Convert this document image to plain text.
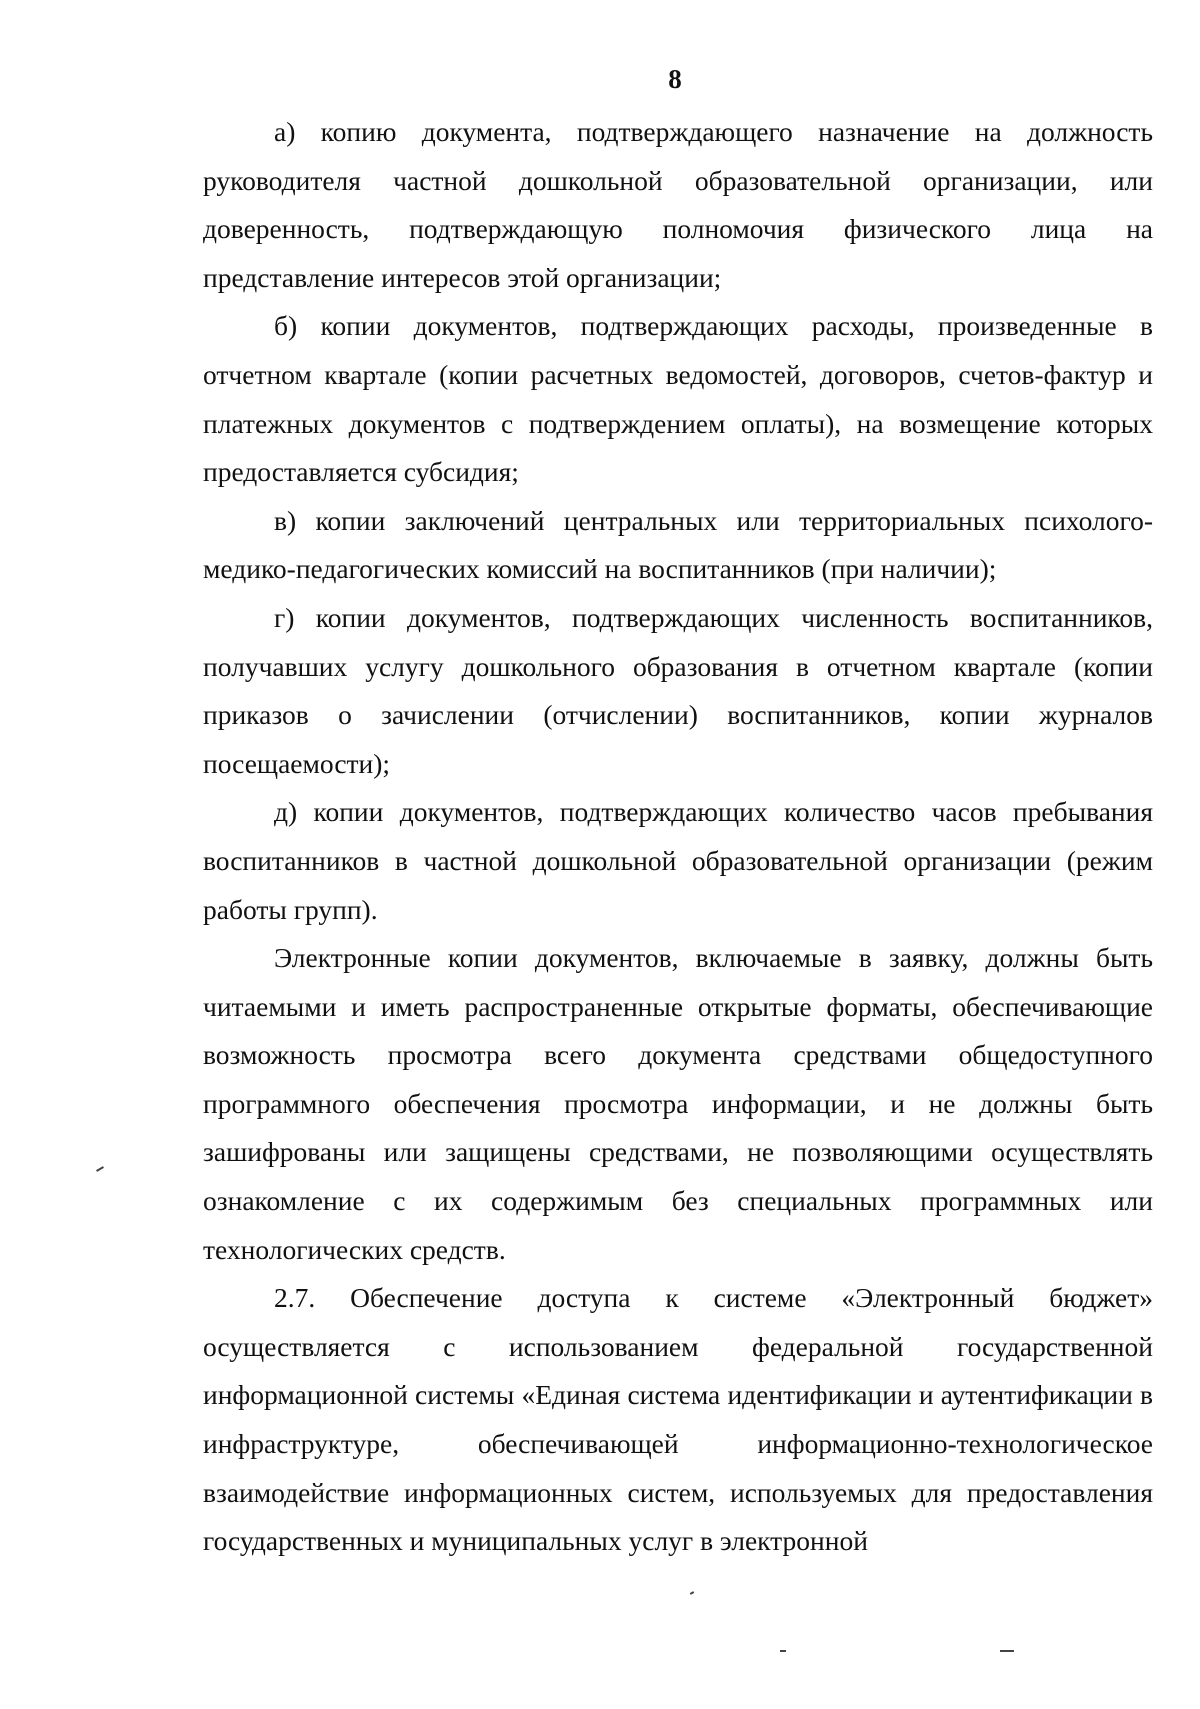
8

а) копию документа, подтверждающего назначение на должность руководителя частной дошкольной образовательной организации, или доверенность, подтверждающую полномочия физического лица на представление интересов этой организации;

б) копии документов, подтверждающих расходы, произведенные в отчетном квартале (копии расчетных ведомостей, договоров, счетов-фактур и платежных документов с подтверждением оплаты), на возмещение которых предоставляется субсидия;

в) копии заключений центральных или территориальных психолого-медико-педагогических комиссий на воспитанников (при наличии);

г) копии документов, подтверждающих численность воспитанников, получавших услугу дошкольного образования в отчетном квартале (копии приказов о зачислении (отчислении) воспитанников, копии журналов посещаемости);

д) копии документов, подтверждающих количество часов пребывания воспитанников в частной дошкольной образовательной организации (режим работы групп).

Электронные копии документов, включаемые в заявку, должны быть читаемыми и иметь распространенные открытые форматы, обеспечивающие возможность просмотра всего документа средствами общедоступного программного обеспечения просмотра информации, и не должны быть зашифрованы или защищены средствами, не позволяющими осуществлять ознакомление с их содержимым без специальных программных или технологических средств.

2.7. Обеспечение доступа к системе «Электронный бюджет» осуществляется с использованием федеральной государственной информационной системы «Единая система идентификации и аутентификации в инфраструктуре, обеспечивающей информационно-технологическое взаимодействие информационных систем, используемых для предоставления государственных и муниципальных услуг в электронной
